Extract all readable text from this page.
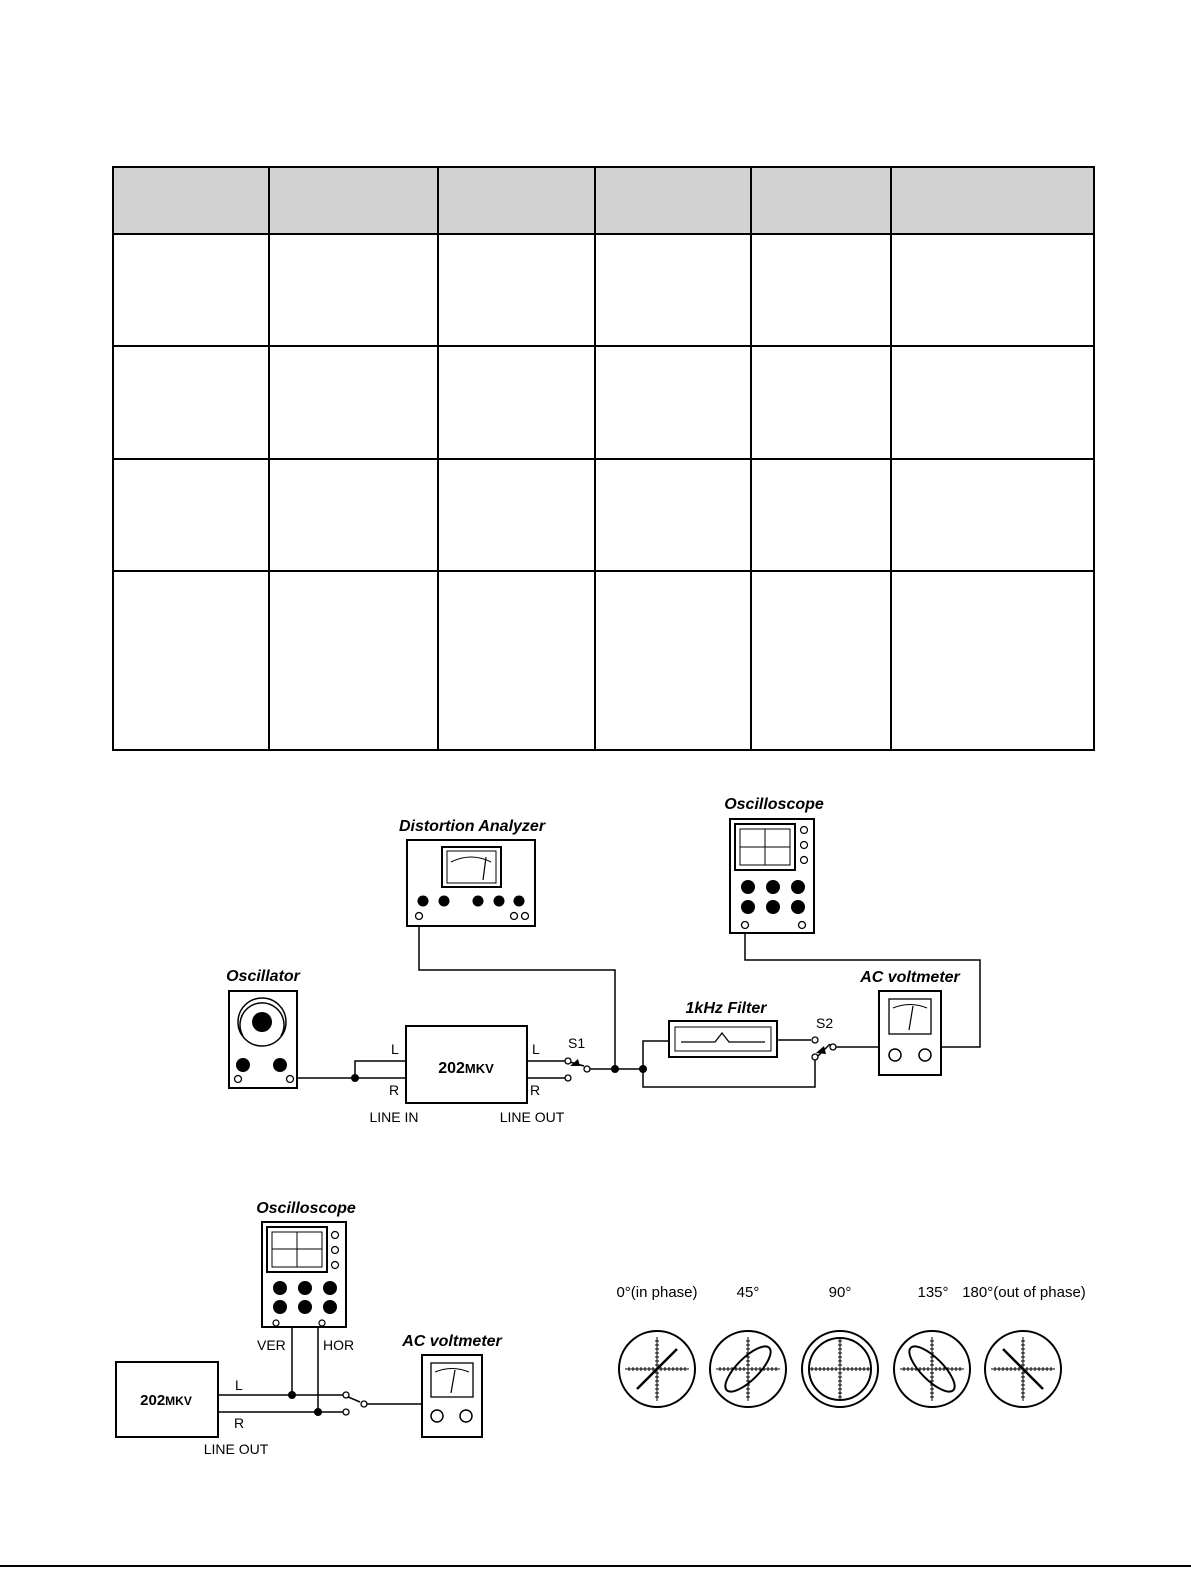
Distortion Analyzer
Oscilloscope
Oscillator
202MKV
L
R
L
R
LINE IN	LINE OUT
S1
S2
1kHz Filter
AC voltmeter
Oscilloscope
VER	HOR
202MKV
L
R
LINE OUT
AC voltmeter
0°(in phase)	45°	90°	135° 180°(out of phase)
